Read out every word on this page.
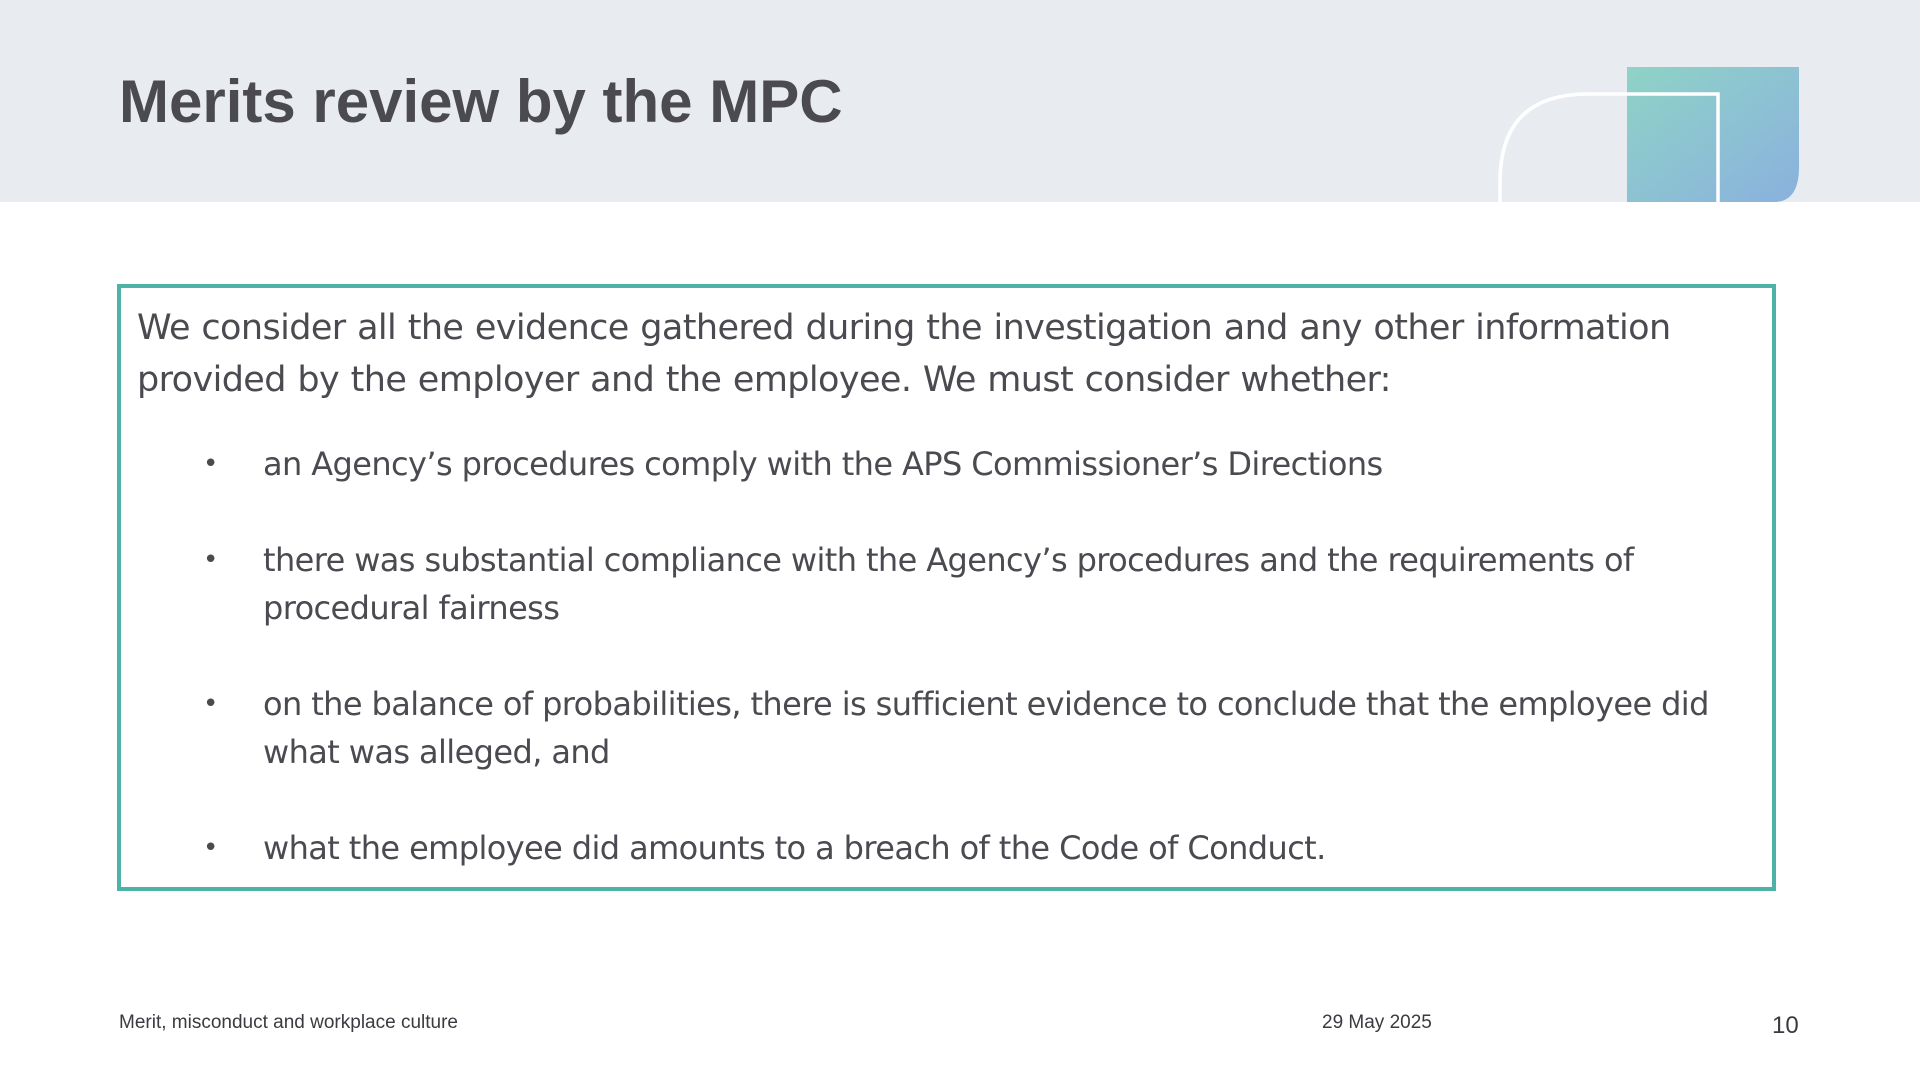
Merits review by the MPC

We consider all the evidence gathered during the investigation and any other information provided by the employer and the employee. We must consider whether:

• an Agency’s procedures comply with the APS Commissioner’s Directions
• there was substantial compliance with the Agency’s procedures and the requirements of procedural fairness
• on the balance of probabilities, there is sufficient evidence to conclude that the employee did what was alleged, and
• what the employee did amounts to a breach of the Code of Conduct.
Merit, misconduct and workplace culture	29 May 2025	10
